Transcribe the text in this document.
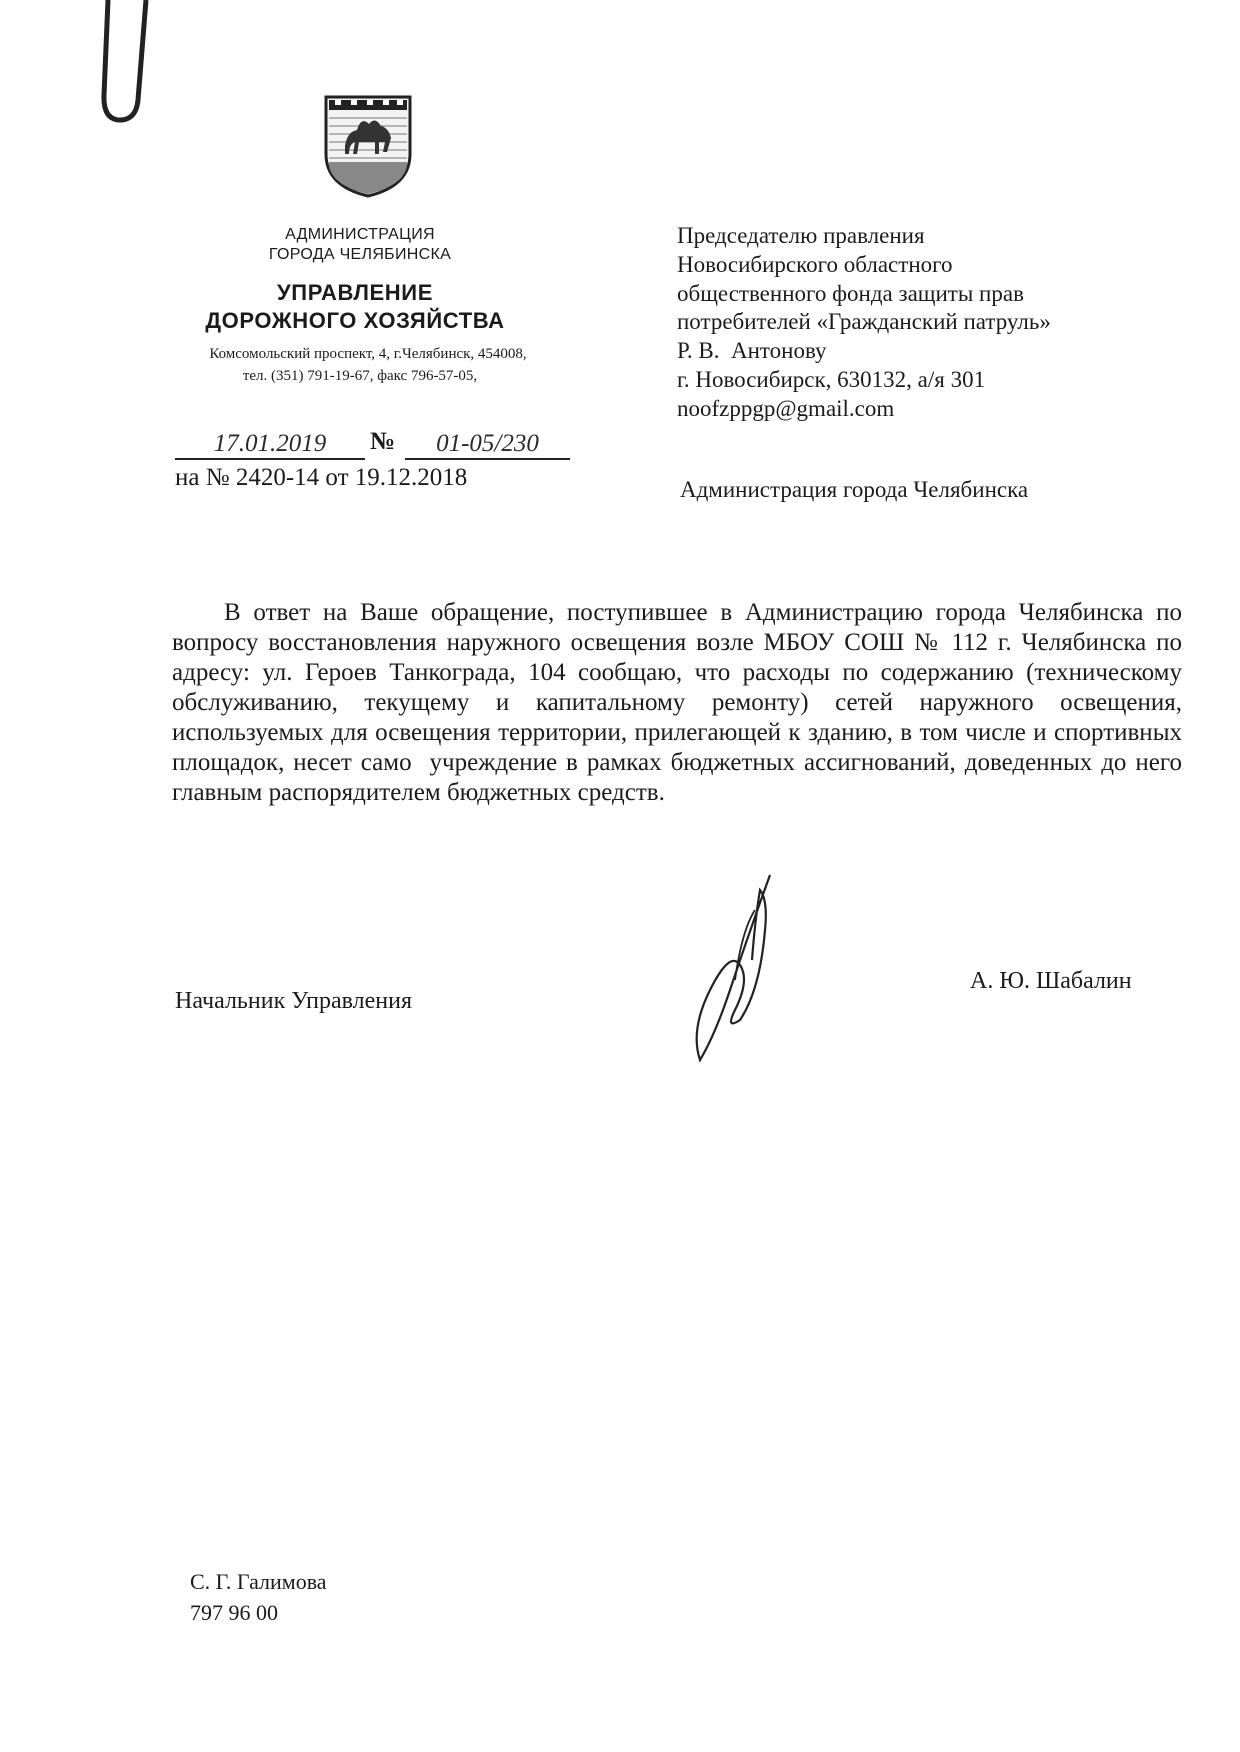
АДМИНИСТРАЦИЯ
ГОРОДА ЧЕЛЯБИНСКА
УПРАВЛЕНИЕ
ДОРОЖНОГО ХОЗЯЙСТВА
Комсомольский проспект, 4, г.Челябинск, 454008,
тел. (351) 791-19-67, факс 796-57-05,
17.01.2019	№	01-05/230
на № 2420-14 от 19.12.2018
Председателю правления
Новосибирского областного
общественного фонда защиты прав
потребителей «Гражданский патруль»
Р. В.  Антонову
г. Новосибирск, 630132, а/я 301
noofzppgp@gmail.com
Администрация города Челябинска

В ответ на Ваше обращение, поступившее в Администрацию города Челябинска по вопросу восстановления наружного освещения возле МБОУ СОШ № 112 г. Челябинска по адресу: ул. Героев Танкограда, 104 сообщаю, что расходы по содержанию (техническому обслуживанию, текущему и капитальному ремонту) сетей наружного освещения, используемых для освещения территории, прилегающей к зданию, в том числе и спортивных площадок, несет само  учреждение в рамках бюджетных ассигнований, доведенных до него главным распорядителем бюджетных средств.

Начальник Управления
А. Ю. Шабалин
С. Г. Галимова
797 96 00
